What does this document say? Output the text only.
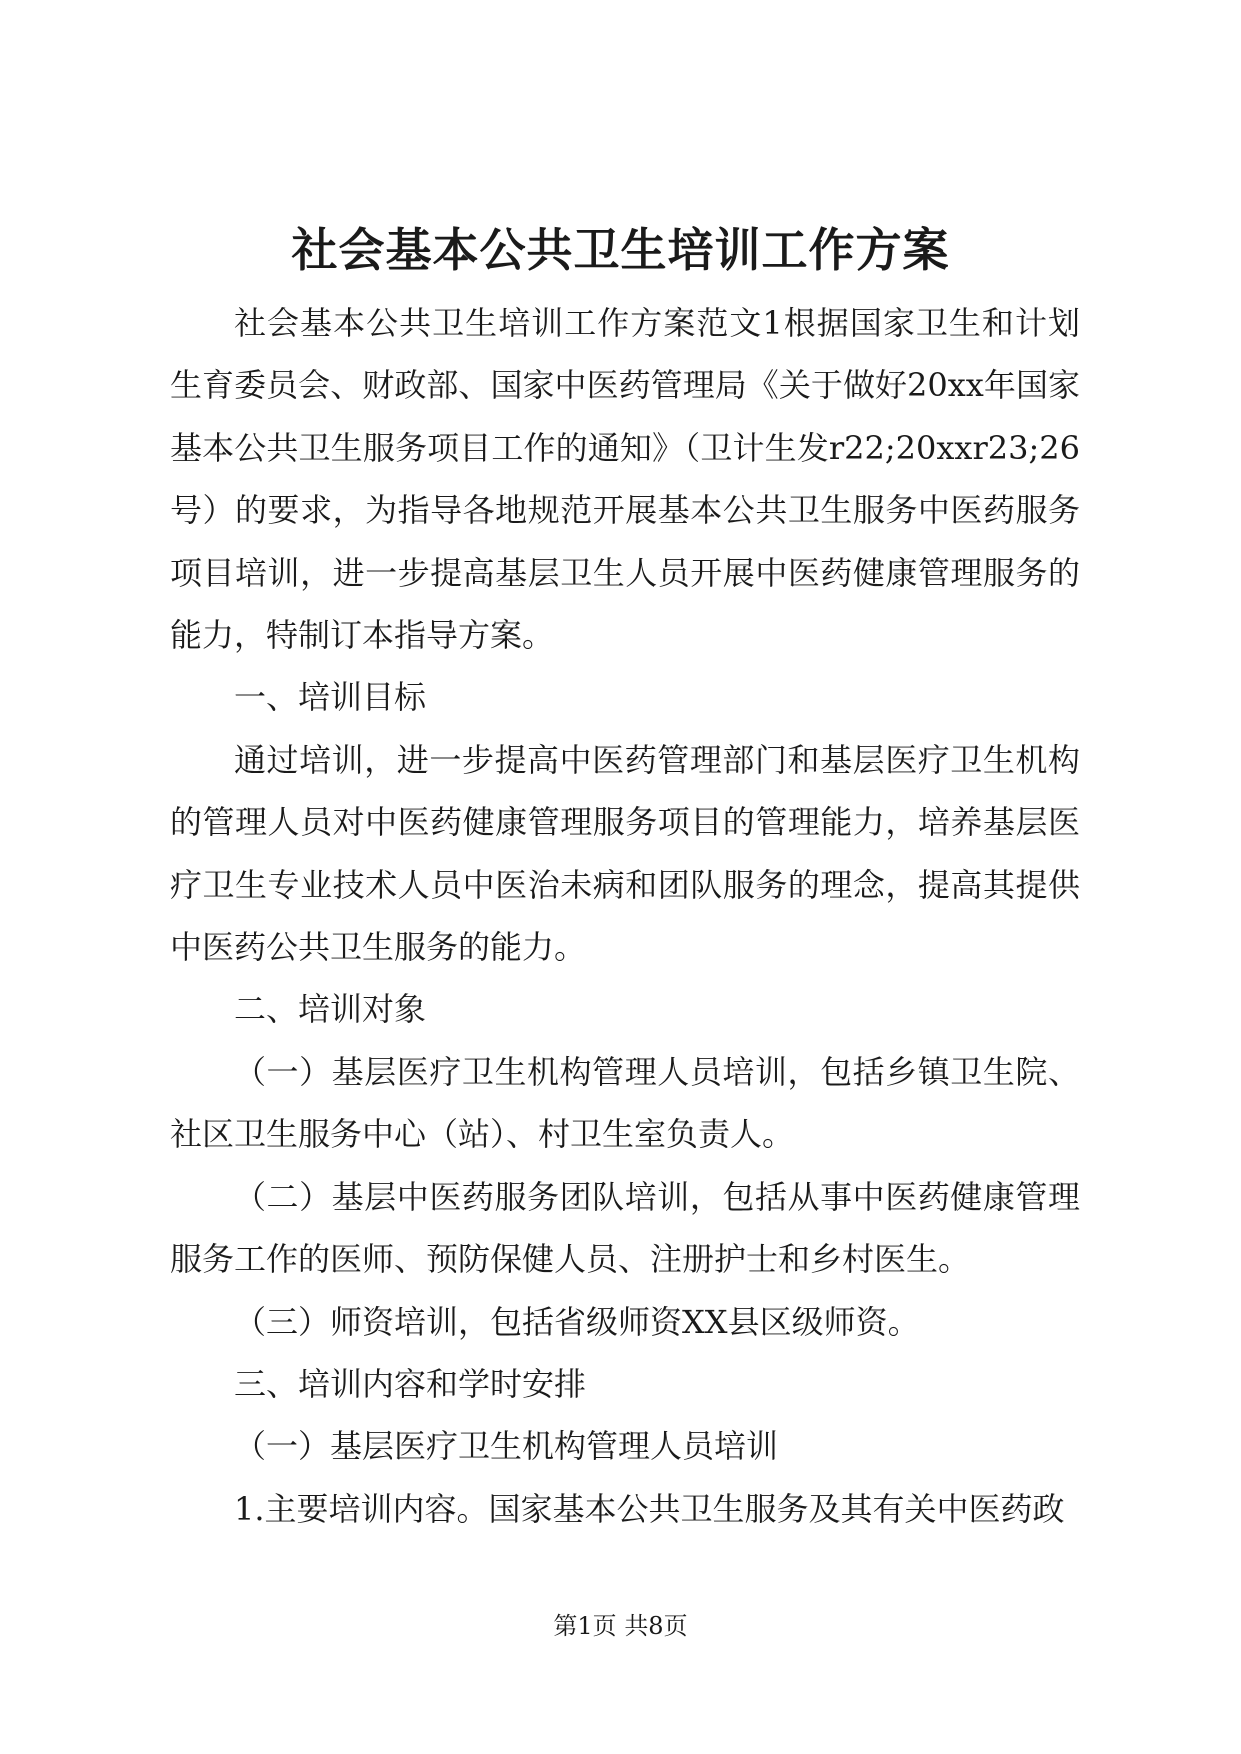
社会基本公共卫生培训工作方案

社会基本公共卫生培训工作方案范文1根据国家卫生和计划生育委员会、财政部、国家中医药管理局《关于做好20xx年国家基本公共卫生服务项目工作的通知》（卫计生发r22;20xxr23;26号）的要求，为指导各地规范开展基本公共卫生服务中医药服务项目培训，进一步提高基层卫生人员开展中医药健康管理服务的能力，特制订本指导方案。

一、培训目标

通过培训，进一步提高中医药管理部门和基层医疗卫生机构的管理人员对中医药健康管理服务项目的管理能力，培养基层医疗卫生专业技术人员中医治未病和团队服务的理念，提高其提供中医药公共卫生服务的能力。

二、培训对象

（一）基层医疗卫生机构管理人员培训，包括乡镇卫生院、社区卫生服务中心（站）、村卫生室负责人。

（二）基层中医药服务团队培训，包括从事中医药健康管理服务工作的医师、预防保健人员、注册护士和乡村医生。

（三）师资培训，包括省级师资XX县区级师资。

三、培训内容和学时安排

（一）基层医疗卫生机构管理人员培训

1.主要培训内容。国家基本公共卫生服务及其有关中医药政

第1页 共8页
